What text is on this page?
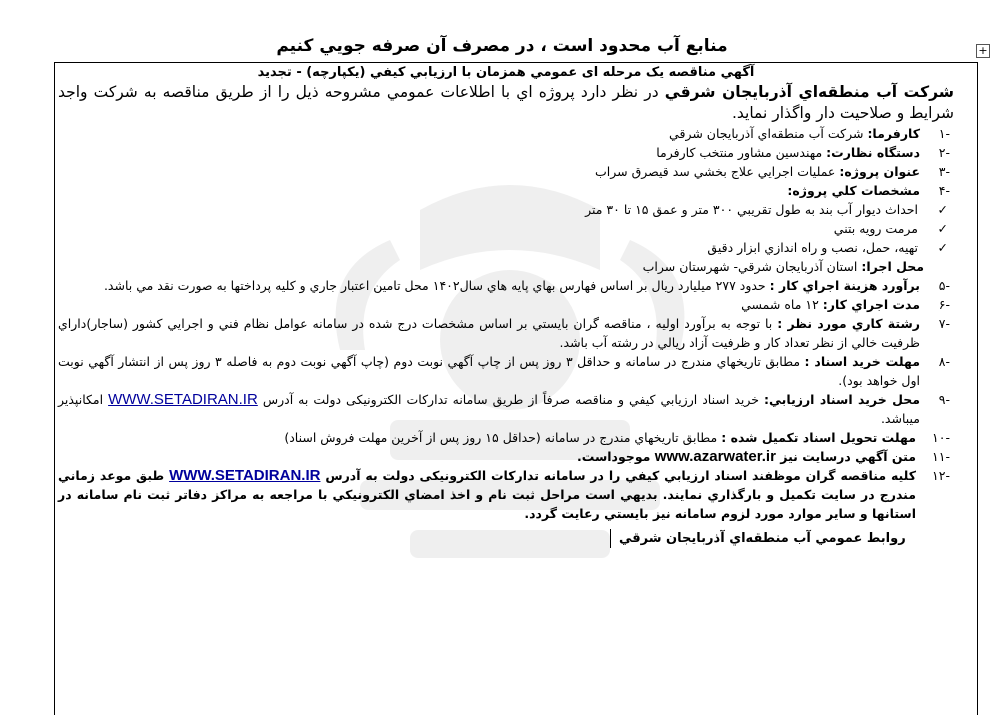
منابع آب محدود است ، در مصرف آن صرفه جويي كنيم	+
آگهي مناقصه يک مرحله ای عمومي همزمان با ارزيابي كيفي (يكپارچه) - تجديد
شركت آب منطقه‌اي آذربايجان شرقي در نظر دارد پروژه اي با اطلاعات عمومي مشروحه ذيل را از طريق مناقصه به شركت واجد شرايط و صلاحيت دار واگذار نمايد.
-۱
كارفرما: شركت آب منطقه‌اي آذربايجان شرقي
-۲
دستگاه نظارت: مهندسين مشاور منتخب كارفرما
-۳
عنوان پروژه: عمليات اجرايي علاج بخشي سد قيصرق سراب
-۴
مشخصات كلي پروژه:
✓
احداث ديوار آب بند به طول تقريبي ۳۰۰ متر و عمق ۱۵ تا ۳۰ متر
✓
مرمت رويه بتني
✓
تهيه، حمل، نصب و راه اندازي ابزار دقيق
محل اجرا: استان آذربايجان شرقي- شهرستان سراب
-۵
برآورد هزينة اجراي كار : حدود ۲۷۷ ميليارد ريال بر اساس فهارس بهاي پايه هاي سال۱۴۰۲ محل تامين اعتبار جاري و كليه پرداختها به صورت نقد مي باشد.
-۶
مدت اجراي كار: ۱۲ ماه شمسي
-۷
رشتة كاري مورد نظر : با توجه به برآورد اوليه ، مناقصه گران بايستي بر اساس مشخصات درج شده در سامانه عوامل نظام فني و اجرايي كشور (ساجار)داراي ظرفيت خالي از نظر تعداد كار و ظرفيت آزاد ريالي در رشته آب باشد.
-۸
مهلت خريد اسناد : مطابق تاريخهاي مندرج در سامانه و حداقل ۳ روز پس از چاپ آگهي نوبت دوم (چاپ آگهي نوبت دوم به فاصله ۳ روز پس از انتشار آگهي نوبت اول خواهد بود).
-۹
محل خريد اسناد ارزيابي: خريد اسناد ارزيابي كيفي و مناقصه صرفاً از طريق سامانه تدارکات الکترونيکی دولت به آدرس WWW.SETADIRAN.IR امكانپذير ميباشد.
-۱۰
مهلت تحويل اسناد تكميل شده : مطابق تاريخهاي مندرج در سامانه (حداقل ۱۵ روز پس از آخرين مهلت فروش اسناد)
-۱۱
متن آگهي درسايت نيز www.azarwater.ir موجوداست.
-۱۲
كليه مناقصه گران موظفند اسناد ارزيابي كيفي را در سامانه تدارکات الکترونيکی دولت به آدرس WWW.SETADIRAN.IR طبق موعد زماني مندرج در سايت تكميل و بارگذاري نمايند. بديهي است مراحل ثبت نام و اخذ امضاي الكترونيكي با مراجعه به مراكز دفاتر ثبت نام سامانه در استانها و ساير موارد مورد لزوم سامانه نيز بايستي رعايت گردد.
روابط عمومي آب منطقه‌اي آذربايجان شرقي
